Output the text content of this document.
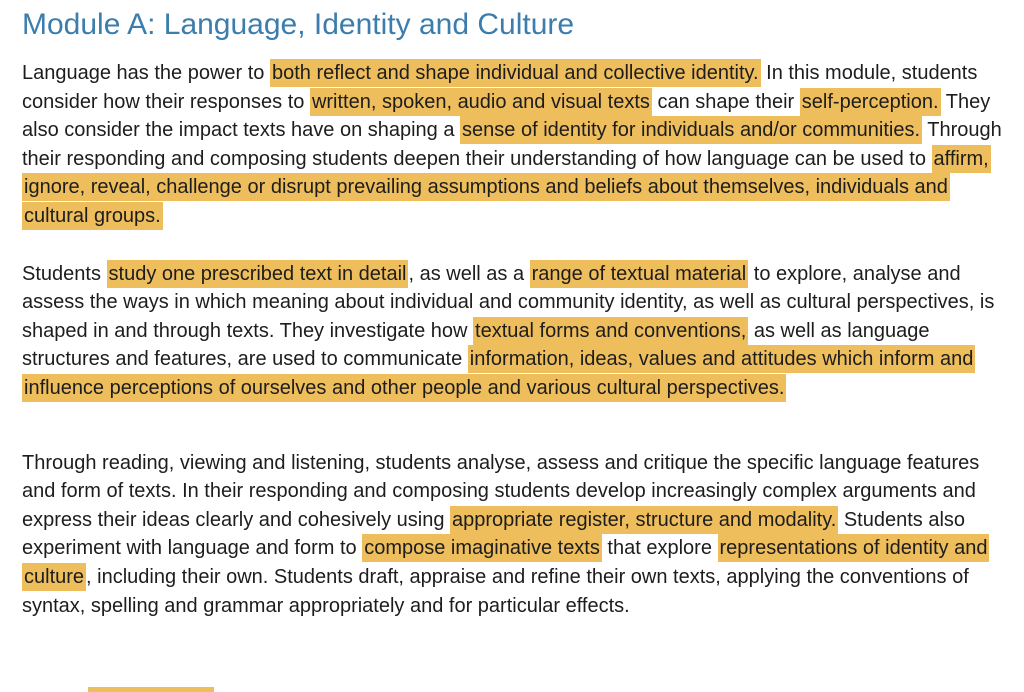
Module A: Language, Identity and Culture

Language has the power to both reflect and shape individual and collective identity. In this module, students consider how their responses to written, spoken, audio and visual texts can shape their self-perception. They also consider the impact texts have on shaping a sense of identity for individuals and/or communities. Through their responding and composing students deepen their understanding of how language can be used to affirm, ignore, reveal, challenge or disrupt prevailing assumptions and beliefs about themselves, individuals and cultural groups.

Students study one prescribed text in detail , as well as a range of textual material to explore, analyse and assess the ways in which meaning about individual and community identity, as well as cultural perspectives, is shaped in and through texts. They investigate how textual forms and conventions, as well as language structures and features, are used to communicate information, ideas, values and attitudes which inform and influence perceptions of ourselves and other people and various cultural perspectives.

Through reading, viewing and listening, students analyse, assess and critique the specific language features and form of texts. In their responding and composing students develop increasingly complex arguments and express their ideas clearly and cohesively using appropriate register, structure and modality. Students also experiment with language and form to compose imaginative texts that explore representations of identity and culture , including their own. Students draft, appraise and refine their own texts, applying the conventions of syntax, spelling and grammar appropriately and for particular effects.
